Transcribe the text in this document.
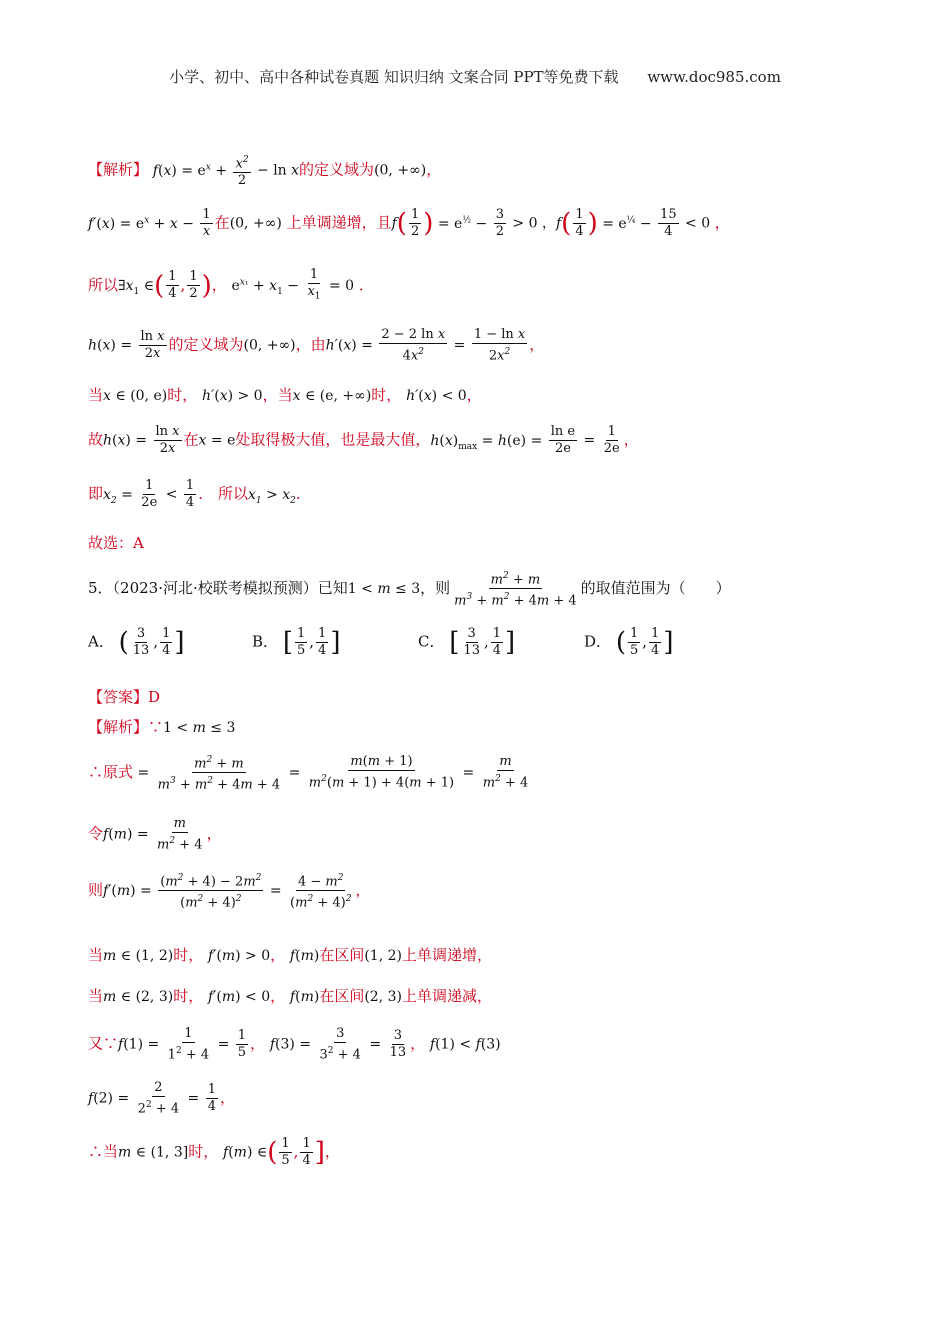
小学、初中、高中各种试卷真题 知识归纳 文案合同 PPT等免费下载 www.doc985.com
【解析】 $f(x) = e^x + \frac{x^2}{2} - \ln x$的定义域为(0, +∞)，
$f'(x) = e^x + x - \frac{1}{x}$ 在(0, +∞) 上单调递增，且$f( \frac{1}{2}$ ) = $e^{\frac{1}{2}} - \frac{3}{2} > 0$ ，$f( \frac{1}{4}$ ) = $e^{\frac{1}{4}} - \frac{15}{4} < 0$ ，
所以$\exists x_1$ ∈( $\frac{1}{4}$ , $\frac{1}{2}$ )， $e^{x_1} + x_1 - \frac{1}{x_1} = 0$ ．
$h(x) = \frac{\text{ln x}}{2x}$ 的定义域为(0, +∞)，由$h'(x) = \frac{\text{2 − 2 ln x}}{4x^2} = \frac{\text{1 − ln x}}{2x^2}$ ，
当x ∈ (0, e)时， h′(x) > 0，当x ∈ (e, +∞)时， h′(x) < 0，
故$h(x) = \frac{\text{ln x}}{2x}$ 在x = e处取得极大值，也是最大值，$h(x)_{max} = h(e) = \frac{\text{ln e}}{2e} = \frac{1}{2e}$ ，
即$x_2 = \frac{1}{2e} < \frac{1}{4}$ ． 所以$x_1 > x_2$．
故选：A
5．（2023·河北·校联考模拟预测）已知1 < m ≤ 3，则 $\frac{m^2 + m}{m^3 + m^2 + 4m + 4}$ 的取值范围为（　　）
A． ( $\frac{3}{13}$ , $\frac{1}{4}$ ]	B． [ $\frac{1}{5}$ , $\frac{1}{4}$ ]	C． [ $\frac{3}{13}$ , $\frac{1}{4}$ ]	D． ( $\frac{1}{5}$ , $\frac{1}{4}$ ]
【答案】D
【解析】∵1 < m ≤ 3
∴原式 = $\frac{m^2 + m}{m^3 + m^2 + 4m + 4} = \frac{m(m + 1)}{m^2(m + 1) + 4(m + 1)} = \frac{m}{m^2 + 4}$
令$f(m) = \frac{m}{m^2 + 4}$ ，
则$f'(m) = \frac{(m^2 + 4) - 2m^2}{(m^2 + 4)^2} = \frac{4 - m^2}{(m^2 + 4)^2}$ ，
当m ∈ (1, 2)时， f′(m) > 0， f(m)在区间(1, 2)上单调递增，
当m ∈ (2, 3)时， f′(m) < 0， f(m)在区间(2, 3)上单调递减，
又∵f(1) = $\frac{1}{1^2 + 4} = \frac{1}{5}$ ， $f(3) = \frac{3}{3^2 + 4} = \frac{3}{13}$ ， f(1) < f(3)
$f(2) = \frac{2}{2^2 + 4} = \frac{1}{4}$ ，
∴当m ∈ (1, 3]时， f(m) ∈( $\frac{1}{5}$ , $\frac{1}{4}$ ]，
